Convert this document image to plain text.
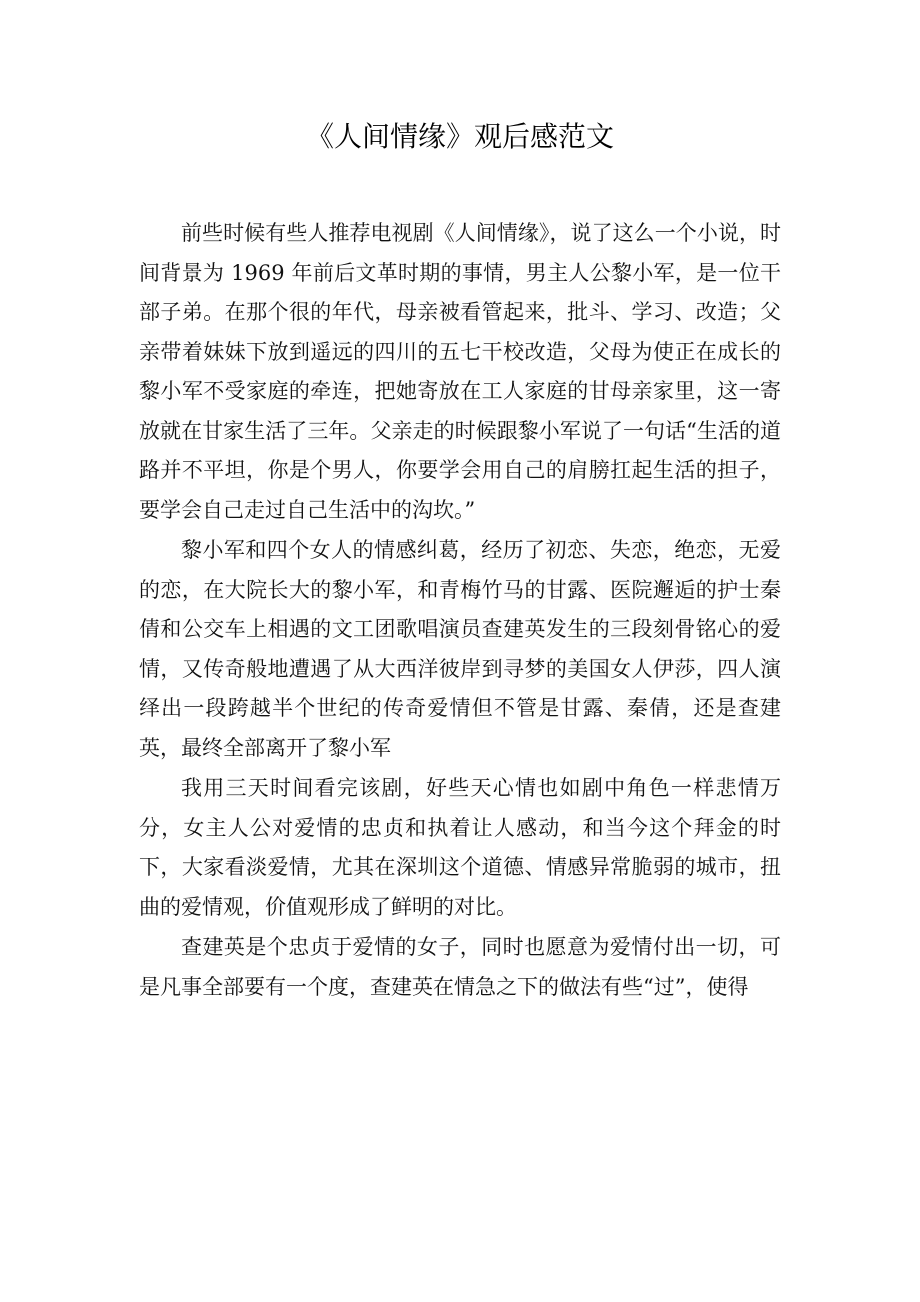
《人间情缘》观后感范文

前些时候有些人推荐电视剧《人间情缘》，说了这么一个小说，时间背景为 1969 年前后文革时期的事情，男主人公黎小军，是一位干部子弟。在那个很的年代，母亲被看管起来，批斗、学习、改造；父亲带着妹妹下放到遥远的四川的五七干校改造，父母为使正在成长的黎小军不受家庭的牵连，把她寄放在工人家庭的甘母亲家里，这一寄放就在甘家生活了三年。父亲走的时候跟黎小军说了一句话“生活的道路并不平坦，你是个男人，你要学会用自己的肩膀扛起生活的担子，要学会自己走过自己生活中的沟坎。”

黎小军和四个女人的情感纠葛，经历了初恋、失恋，绝恋，无爱的恋，在大院长大的黎小军，和青梅竹马的甘露、医院邂逅的护士秦倩和公交车上相遇的文工团歌唱演员查建英发生的三段刻骨铭心的爱情，又传奇般地遭遇了从大西洋彼岸到寻梦的美国女人伊莎，四人演绎出一段跨越半个世纪的传奇爱情但不管是甘露、秦倩，还是查建英，最终全部离开了黎小军

我用三天时间看完该剧，好些天心情也如剧中角色一样悲情万分，女主人公对爱情的忠贞和执着让人感动，和当今这个拜金的时下，大家看淡爱情，尤其在深圳这个道德、情感异常脆弱的城市，扭曲的爱情观，价值观形成了鲜明的对比。

查建英是个忠贞于爱情的女子，同时也愿意为爱情付出一切，可是凡事全部要有一个度，查建英在情急之下的做法有些“过”，使得
